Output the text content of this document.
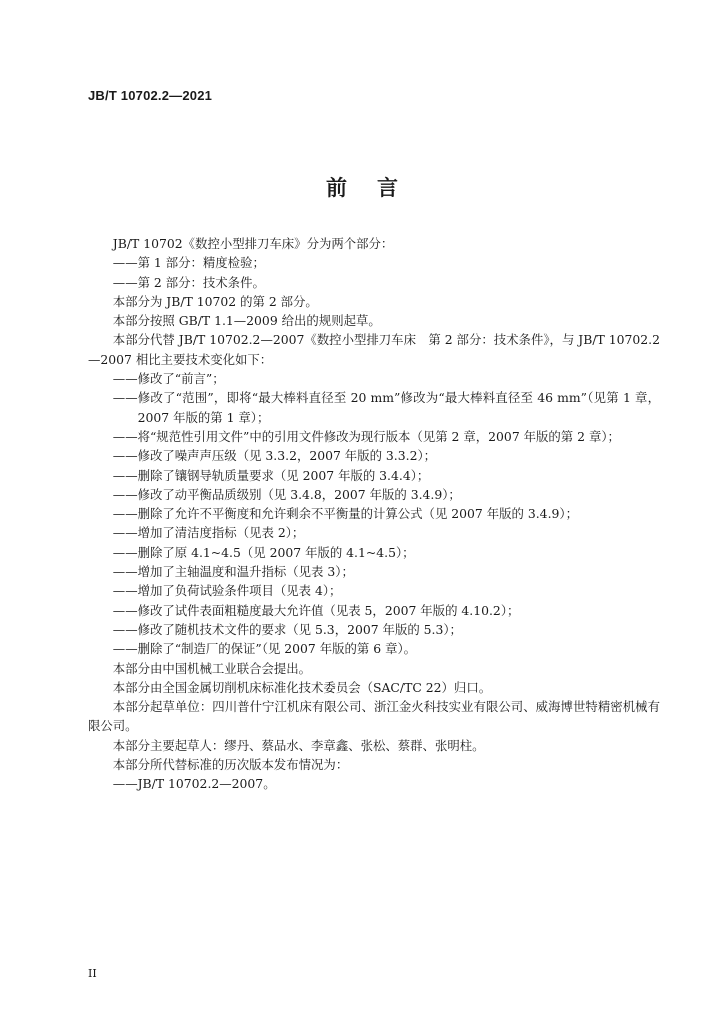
JB/T 10702.2—2021
前言

JB/T 10702《数控小型排刀车床》分为两个部分：

——第 1 部分：精度检验；

——第 2 部分：技术条件。

本部分为 JB/T 10702 的第 2 部分。

本部分按照 GB/T 1.1—2009 给出的规则起草。

本部分代替 JB/T 10702.2—2007《数控小型排刀车床　第 2 部分：技术条件》，与 JB/T 10702.2—2007 相比主要技术变化如下：

——修改了“前言”；

——修改了“范围”，即将“最大棒料直径至 20 mm”修改为“最大棒料直径至 46 mm”（见第 1 章，2007 年版的第 1 章）；

——将“规范性引用文件”中的引用文件修改为现行版本（见第 2 章，2007 年版的第 2 章）；

——修改了噪声声压级（见 3.3.2，2007 年版的 3.3.2）；

——删除了镶钢导轨质量要求（见 2007 年版的 3.4.4）；

——修改了动平衡品质级别（见 3.4.8，2007 年版的 3.4.9）；

——删除了允许不平衡度和允许剩余不平衡量的计算公式（见 2007 年版的 3.4.9）；

——增加了清洁度指标（见表 2）；

——删除了原 4.1~4.5（见 2007 年版的 4.1~4.5）；

——增加了主轴温度和温升指标（见表 3）；

——增加了负荷试验条件项目（见表 4）；

——修改了试件表面粗糙度最大允许值（见表 5，2007 年版的 4.10.2）；

——修改了随机技术文件的要求（见 5.3，2007 年版的 5.3）；

——删除了“制造厂的保证”（见 2007 年版的第 6 章）。

本部分由中国机械工业联合会提出。

本部分由全国金属切削机床标准化技术委员会（SAC/TC 22）归口。

本部分起草单位：四川普什宁江机床有限公司、浙江金火科技实业有限公司、威海博世特精密机械有限公司。

本部分主要起草人：缪丹、蔡品水、李章鑫、张松、蔡群、张明柱。

本部分所代替标准的历次版本发布情况为：

——JB/T 10702.2—2007。

II
